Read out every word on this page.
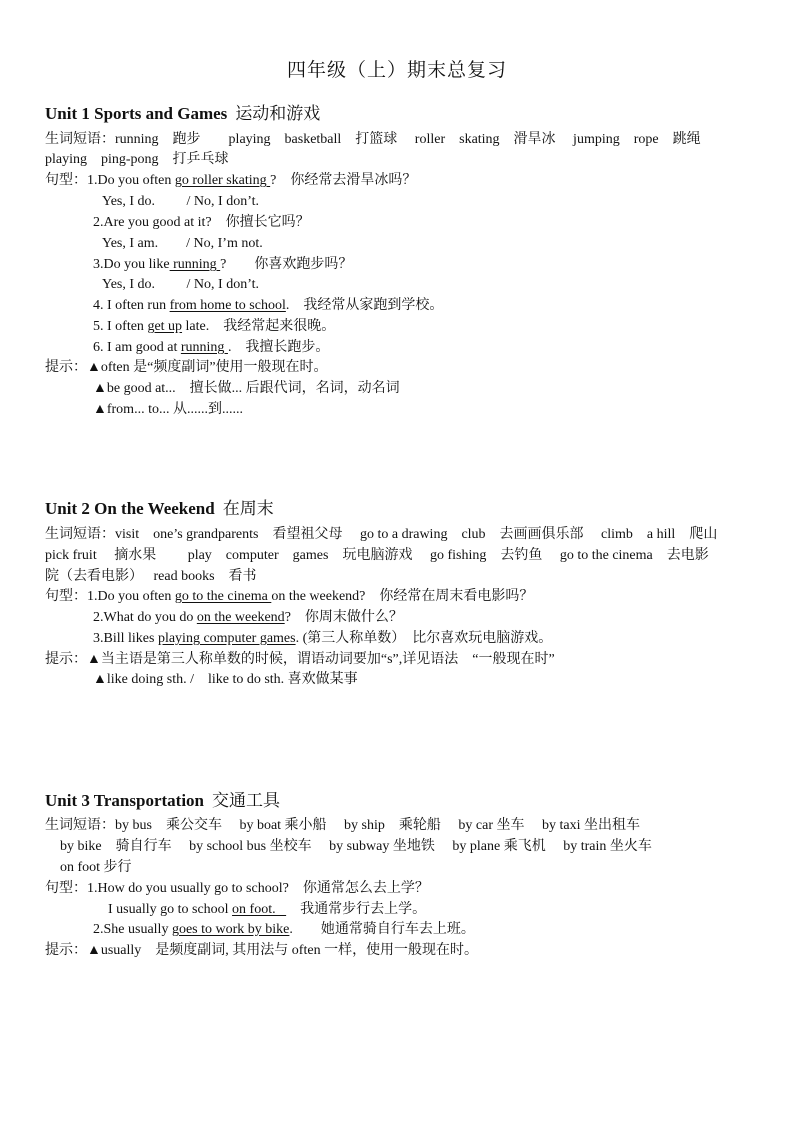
四年级（上）期末总复习
Unit 1 Sports and Games 运动和游戏
生词短语：running　跑步　　playing　basketball　打篮球　 roller　skating　滑旱冰　 jumping　rope　跳绳
playing　ping-pong　打乒乓球
句型：1.Do you often go roller skating ?　你经常去滑旱冰吗？
Yes, I do.　　 / No, I don’t.
2.Are you good at it?　你擅长它吗？
Yes, I am.　　/ No, I’m not.
3.Do you like running ?　　你喜欢跑步吗？
Yes, I do.　　 / No, I don’t.
4. I often run from home to school.　我经常从家跑到学校。
5. I often get up late.　我经常起来很晚。
6. I am good at running .　我擅长跑步。
提示：▲often 是“频度副词”使用一般现在时。
▲be good at...　擅长做... 后跟代词，名词，动名词
▲from... to... 从......到......
Unit 2 On the Weekend 在周末
生词短语：visit　one’s grandparents　看望祖父母　 go to a drawing　club　去画画俱乐部　 climb　a hill　爬山
pick fruit　 摘水果　　 play　computer　games　玩电脑游戏　 go fishing　去钓鱼　 go to the cinema　去电影
院（去看电影）　 read books　看书
句型：1.Do you often go to the cinema on the weekend?　你经常在周末看电影吗？
2.What do you do on the weekend?　你周末做什么？
3.Bill likes playing computer games. (第三人称单数）　比尔喜欢玩电脑游戏。
提示：▲当主语是第三人称单数的时候，谓语动词要加“s”,详见语法　“一般现在时”
▲like doing sth. /　like to do sth. 喜欢做某事
Unit 3 Transportation 交通工具
生词短语：by bus　乘公交车　 by boat 乘小船　 by ship　乘轮船　 by car 坐车　 by taxi 坐出租车
by bike　骑自行车　 by school bus 坐校车　 by subway 坐地铁　 by plane 乘飞机　 by train 坐火车
on foot 步行
句型：1.How do you usually go to school?　你通常怎么去上学？
I usually go to school on foot.   　我通常步行去上学。
2.She usually goes to work by bike.　　她通常骑自行车去上班。
提示：▲usually　是频度副词, 其用法与 often 一样，使用一般现在时。
